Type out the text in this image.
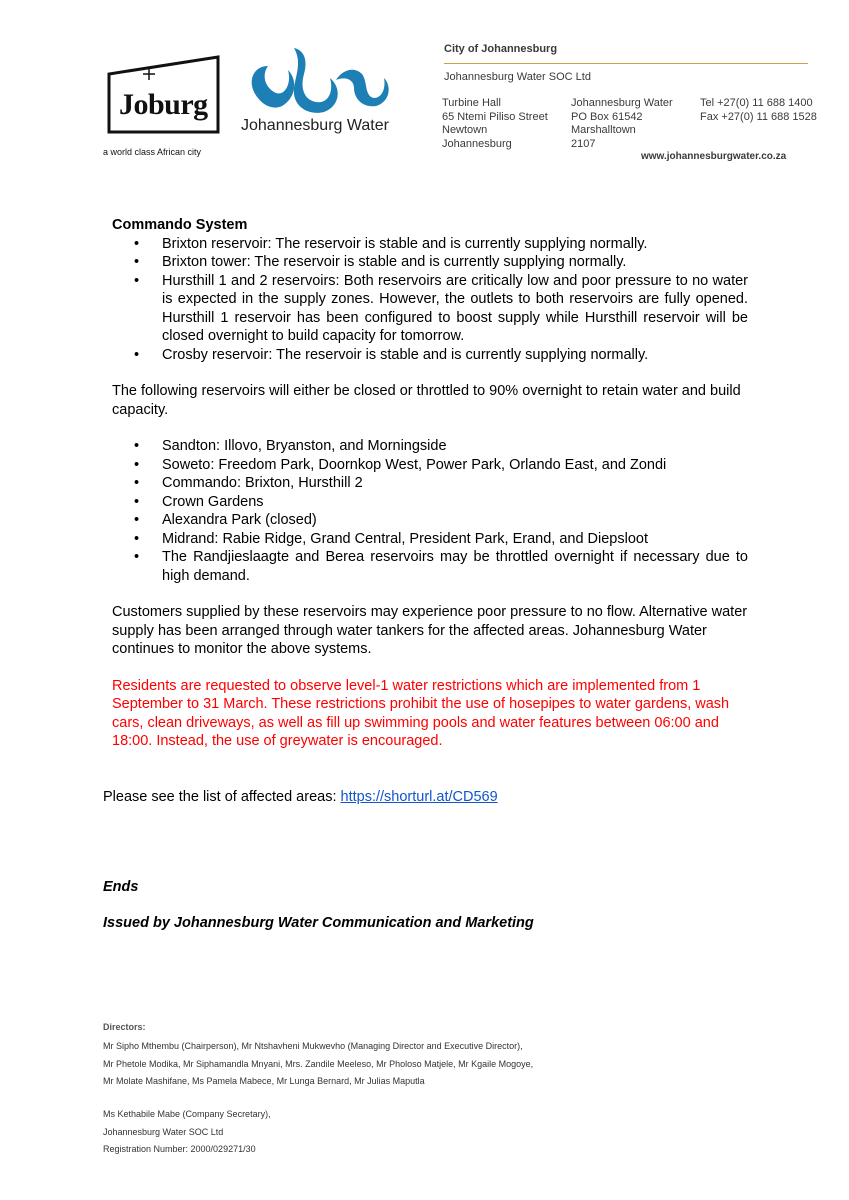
Joburg
a world class African city
Johannesburg Water
City of Johannesburg
Johannesburg Water SOC Ltd
Turbine Hall
65 Ntemi Piliso Street
Newtown
Johannesburg
Johannesburg Water
PO Box 61542
Marshalltown
2107
Tel +27(0) 11 688 1400
Fax +27(0) 11 688 1528
www.johannesburgwater.co.za
Commando System
• Brixton reservoir: The reservoir is stable and is currently supplying normally.
• Brixton tower: The reservoir is stable and is currently supplying normally.
• Hursthill 1 and 2 reservoirs: Both reservoirs are critically low and poor pressure to no water is expected in the supply zones. However, the outlets to both reservoirs are fully opened. Hursthill 1 reservoir has been configured to boost supply while Hursthill reservoir will be closed overnight to build capacity for tomorrow.
• Crosby reservoir: The reservoir is stable and is currently supplying normally.

The following reservoirs will either be closed or throttled to 90% overnight to retain water and build capacity.

• Sandton: Illovo, Bryanston, and Morningside
• Soweto: Freedom Park, Doornkop West, Power Park, Orlando East, and Zondi
• Commando: Brixton, Hursthill 2
• Crown Gardens
• Alexandra Park (closed)
• Midrand: Rabie Ridge, Grand Central, President Park, Erand, and Diepsloot
• The Randjieslaagte and Berea reservoirs may be throttled overnight if necessary due to high demand.

Customers supplied by these reservoirs may experience poor pressure to no flow. Alternative water supply has been arranged through water tankers for the affected areas. Johannesburg Water continues to monitor the above systems.

Residents are requested to observe level-1 water restrictions which are implemented from 1 September to 31 March. These restrictions prohibit the use of hosepipes to water gardens, wash cars, clean driveways, as well as fill up swimming pools and water features between 06:00 and 18:00. Instead, the use of greywater is encouraged.

Please see the list of affected areas: https://shorturl.at/CD569
Ends
Issued by Johannesburg Water Communication and Marketing
Directors:
Mr Sipho Mthembu (Chairperson), Mr Ntshavheni Mukwevho (Managing Director and Executive Director),
Mr Phetole Modika, Mr Siphamandla Mnyani, Mrs. Zandile Meeleso, Mr Pholoso Matjele, Mr Kgaile Mogoye,
Mr Molate Mashifane, Ms Pamela Mabece, Mr Lunga Bernard, Mr Julias Maputla
Ms Kethabile Mabe (Company Secretary),
Johannesburg Water SOC Ltd
Registration Number: 2000/029271/30
